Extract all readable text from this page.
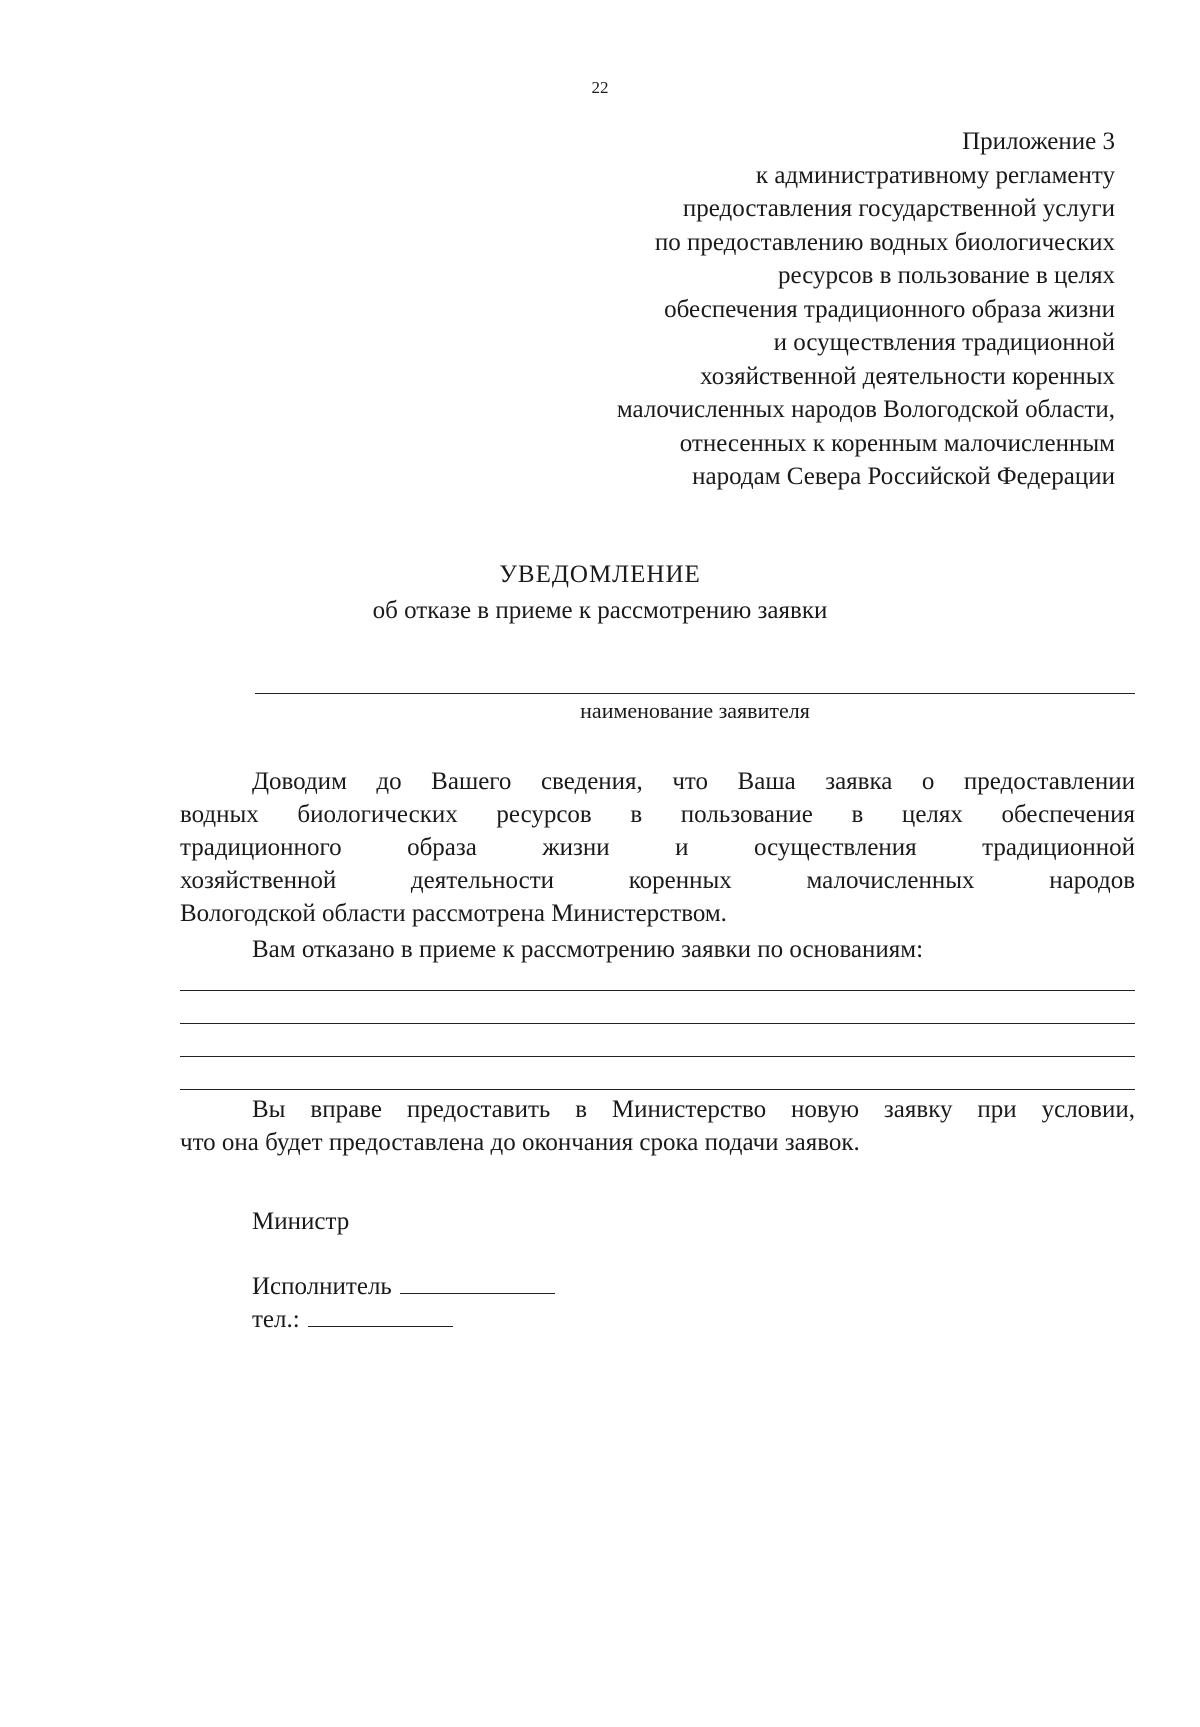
22
Приложение 3
к административному регламенту
предоставления государственной услуги
по предоставлению водных биологических
ресурсов в пользование в целях
обеспечения традиционного образа жизни
и осуществления традиционной
хозяйственной деятельности коренных
малочисленных народов Вологодской области,
отнесенных к коренным малочисленным
народам Севера Российской Федерации
УВЕДОМЛЕНИЕ
об отказе в приеме к рассмотрению заявки
наименование заявителя
Доводим до Вашего сведения, что Ваша заявка о предоставлении
водных биологических ресурсов в пользование в целях обеспечения
традиционного образа жизни и осуществления традиционной
хозяйственной деятельности коренных малочисленных народов
Вологодской области рассмотрена Министерством.
Вам отказано в приеме к рассмотрению заявки по основаниям:
Вы вправе предоставить в Министерство новую заявку при условии,
что она будет предоставлена до окончания срока подачи заявок.
Министр
Исполнитель
тел.:
